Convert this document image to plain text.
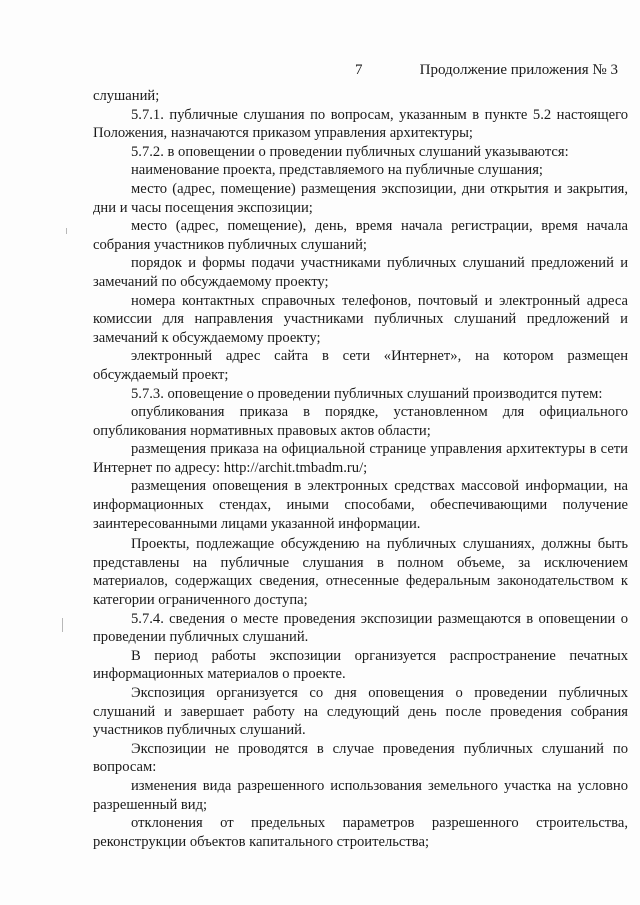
7	Продолжение приложения № 3

слушаний;

5.7.1. публичные слушания по вопросам, указанным в пункте 5.2 настоящего Положения, назначаются приказом управления архитектуры;

5.7.2. в оповещении о проведении публичных слушаний указываются:

наименование проекта, представляемого на публичные слушания;

место (адрес, помещение) размещения экспозиции, дни открытия и закрытия, дни и часы посещения экспозиции;

место (адрес, помещение), день, время начала регистрации, время начала собрания участников публичных слушаний;

порядок и формы подачи участниками публичных слушаний предложений и замечаний по обсуждаемому проекту;

номера контактных справочных телефонов, почтовый и электронный адреса комиссии для направления участниками публичных слушаний предложений и замечаний к обсуждаемому проекту;

электронный адрес сайта в сети «Интернет», на котором размещен обсуждаемый проект;

5.7.3. оповещение о проведении публичных слушаний производится путем:

опубликования приказа в порядке, установленном для официального опубликования нормативных правовых актов области;

размещения приказа на официальной странице управления архитектуры в сети Интернет по адресу: http://archit.tmbadm.ru/;

размещения оповещения в электронных средствах массовой информации, на информационных стендах, иными способами, обеспечивающими получение заинтересованными лицами указанной информации.

Проекты, подлежащие обсуждению на публичных слушаниях, должны быть представлены на публичные слушания в полном объеме, за исключением материалов, содержащих сведения, отнесенные федеральным законодательством к категории ограниченного доступа;

5.7.4. сведения о месте проведения экспозиции размещаются в оповещении о проведении публичных слушаний.

В период работы экспозиции организуется распространение печатных информационных материалов о проекте.

Экспозиция организуется со дня оповещения о проведении публичных слушаний и завершает работу на следующий день после проведения собрания участников публичных слушаний.

Экспозиции не проводятся в случае проведения публичных слушаний по вопросам:

изменения вида разрешенного использования земельного участка на условно разрешенный вид;

отклонения от предельных параметров разрешенного строительства, реконструкции объектов капитального строительства;
